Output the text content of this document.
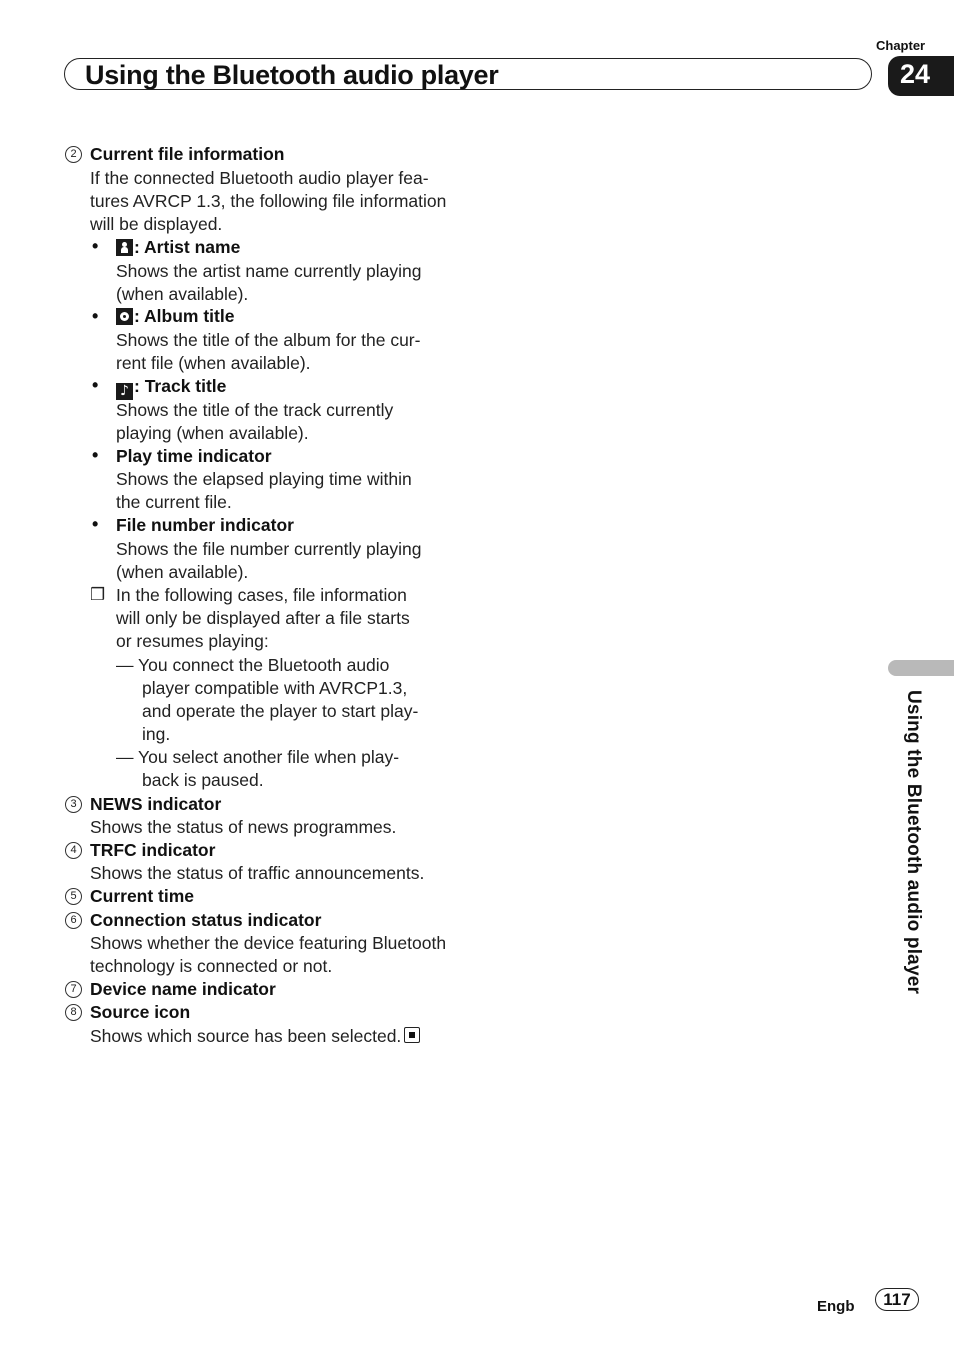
Chapter
Using the Bluetooth audio player	24
2 Current file information
If the connected Bluetooth audio player fea-
tures AVRCP 1.3, the following file information
will be displayed.
•	: Artist name
Shows the artist name currently playing
(when available).
•	: Album title
Shows the title of the album for the cur-
rent file (when available).
• ♪ : Track title
Shows the title of the track currently
playing (when available).
• Play time indicator
Shows the elapsed playing time within
the current file.
• File number indicator
Shows the file number currently playing
(when available).
❒ In the following cases, file information
will only be displayed after a file starts
or resumes playing:
— You connect the Bluetooth audio
player compatible with AVRCP1.3,
and operate the player to start play-
ing.
— You select another file when play-
back is paused.
3 NEWS indicator
Shows the status of news programmes.
4 TRFC indicator
Shows the status of traffic announcements.
5 Current time
6 Connection status indicator
Shows whether the device featuring Bluetooth
technology is connected or not.
7 Device name indicator
8 Source icon
Shows which source has been selected.
Using the Bluetooth audio player
Engb	117
